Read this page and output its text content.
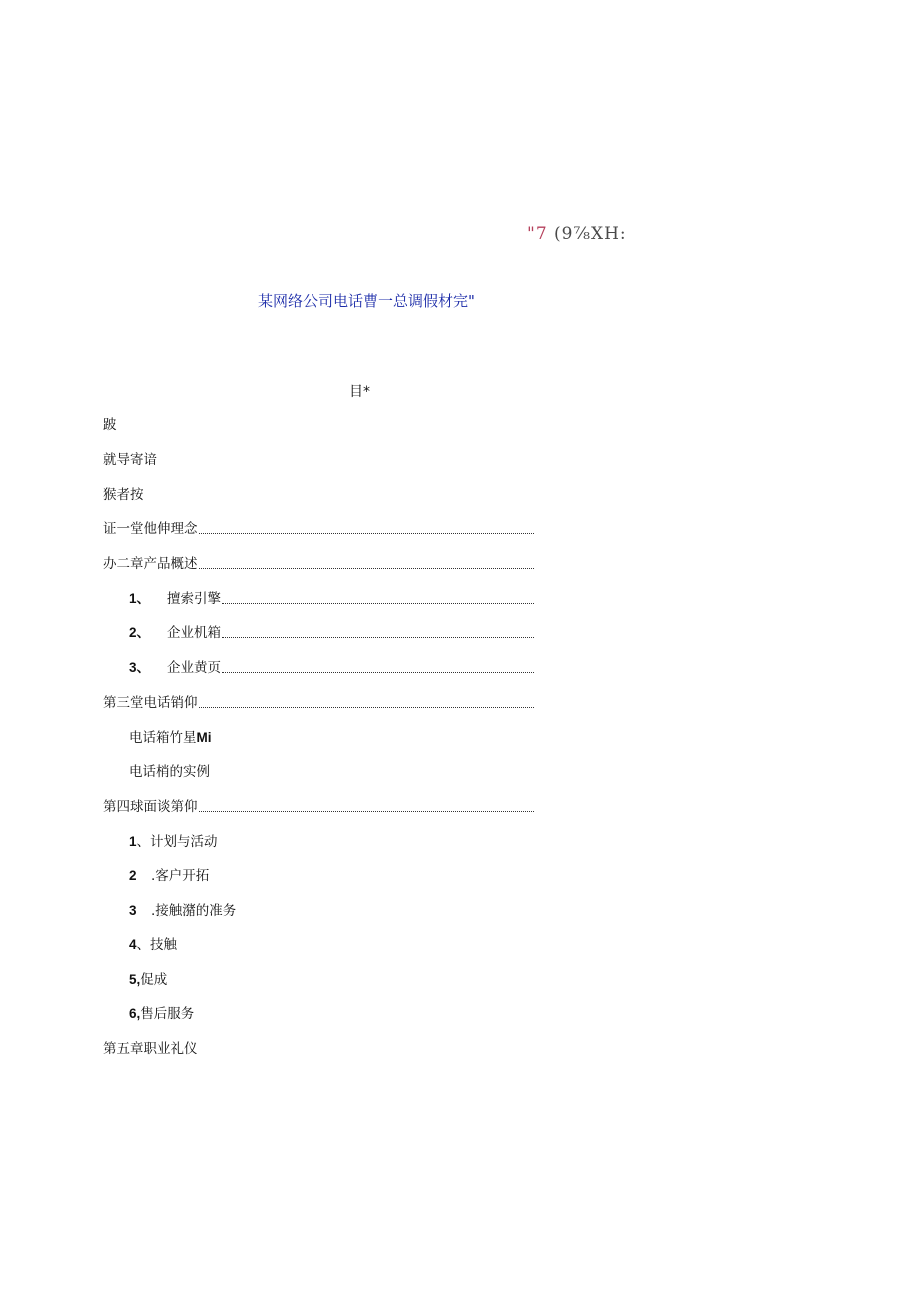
"7 (9⅞XH:
某网络公司电话曹一总调假材完"
目*
跛
就导寄谙
猴者按
证一堂他伸理念
办二章产品概述
1、	擅索引擎
2、	企业机箱
3、	企业黄页
第三堂电话销仰
电话箱竹星 Mi
电话梢的实例
第四球面谈第仰
1 、计划与活动
2	.客户开拓
3	.接触潴的准务
4 、技触
5, 促成
6, 售后服务
第五章职业礼仪
